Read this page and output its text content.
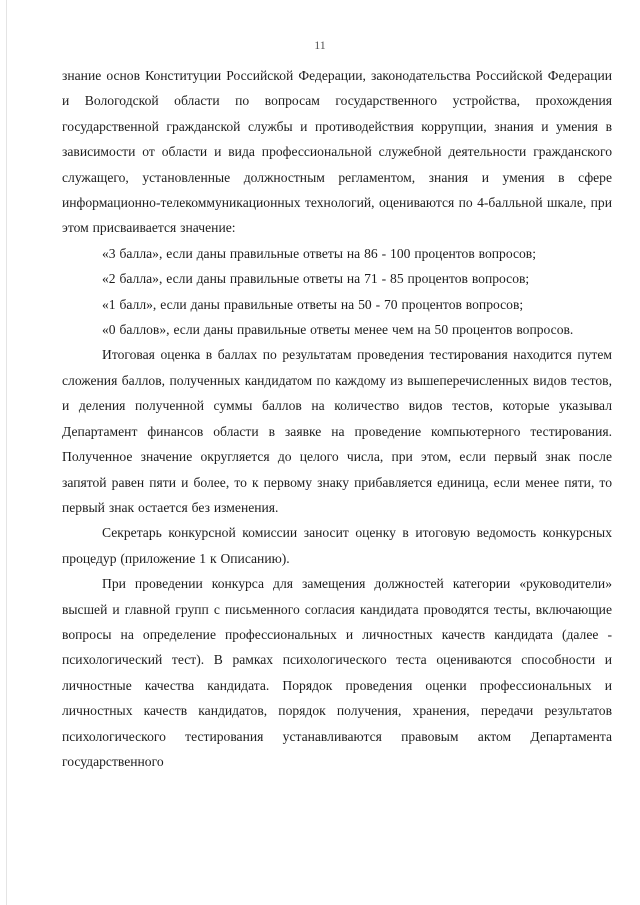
11

знание основ Конституции Российской Федерации, законодательства Российской Федерации и Вологодской области по вопросам государственного устройства, прохождения государственной гражданской службы и противодействия коррупции, знания и умения в зависимости от области и вида профессиональной служебной деятельности гражданского служащего, установленные должностным регламентом, знания и умения в сфере информационно-телекоммуникационных технологий, оцениваются по 4-балльной шкале, при этом присваивается значение:

«3 балла», если даны правильные ответы на 86 - 100 процентов вопросов;

«2 балла», если даны правильные ответы на 71 - 85 процентов вопросов;

«1 балл», если даны правильные ответы на 50 - 70 процентов вопросов;

«0 баллов», если даны правильные ответы менее чем на 50 процентов вопросов.

Итоговая оценка в баллах по результатам проведения тестирования находится путем сложения баллов, полученных кандидатом по каждому из вышеперечисленных видов тестов, и деления полученной суммы баллов на количество видов тестов, которые указывал Департамент финансов области в заявке на проведение компьютерного тестирования. Полученное значение округляется до целого числа, при этом, если первый знак после запятой равен пяти и более, то к первому знаку прибавляется единица, если менее пяти, то первый знак остается без изменения.

Секретарь конкурсной комиссии заносит оценку в итоговую ведомость конкурсных процедур (приложение 1 к Описанию).

При проведении конкурса для замещения должностей категории «руководители» высшей и главной групп с письменного согласия кандидата проводятся тесты, включающие вопросы на определение профессиональных и личностных качеств кандидата (далее - психологический тест). В рамках психологического теста оцениваются способности и личностные качества кандидата. Порядок проведения оценки профессиональных и личностных качеств кандидатов, порядок получения, хранения, передачи результатов психологического тестирования устанавливаются правовым актом Департамента государственного
